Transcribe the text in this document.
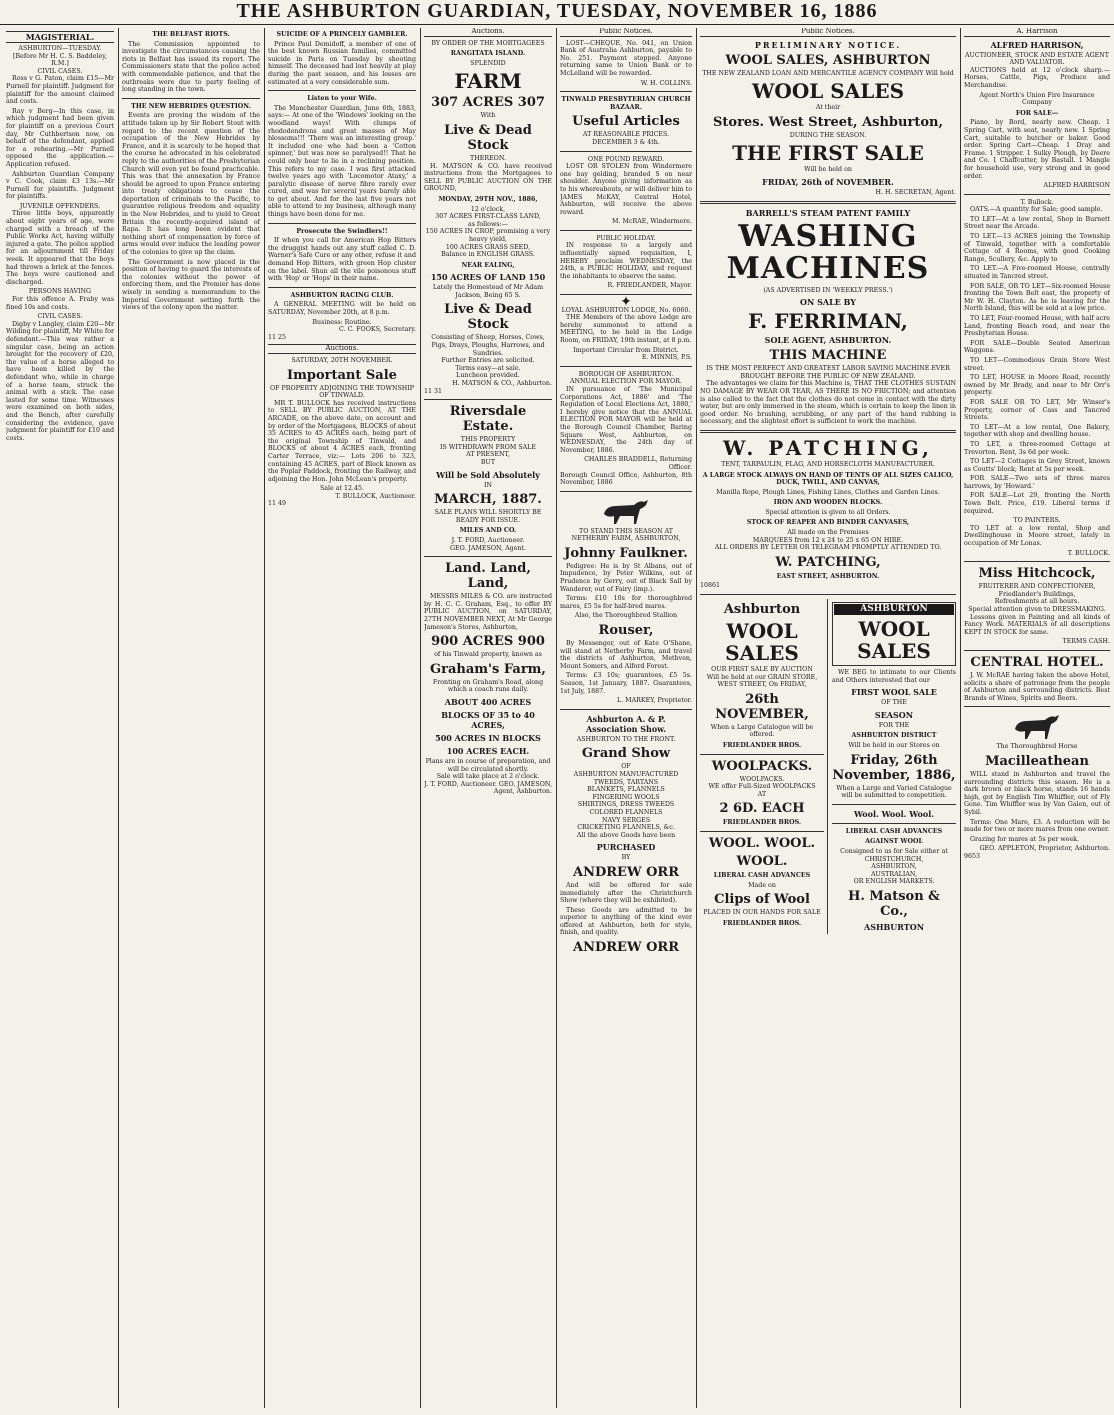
THE ASHBURTON GUARDIAN, TUESDAY, NOVEMBER 16, 1886
MAGISTERIAL.
ASHBURTON—TUESDAY.
[Before Mr H. C. S. Baddeley, R.M.]
CIVIL CASES.

Ross v G. Paton, claim £15—Mr Purnell for plaintiff. Judgment for plaintiff for the amount claimed and costs.

Ray v Berg—In this case, in which judgment had been given for plaintiff on a previous Court day, Mr Cuthbertson now, on behalf of the defendant, applied for a rehearing.—Mr Purnell opposed the application.—Application refused.

Ashburton Guardian Company v C. Cook, claim £3 13s.—Mr Purnell for plaintiffs. Judgment for plaintiffs.

JUVENILE OFFENDERS.

Three little boys, apparently about eight years of age, were charged with a breach of the Public Works Act, having wilfully injured a gate. The police applied for an adjournment till Friday week. It appeared that the boys had thrown a brick at the fences. The boys were cautioned and discharged.

PERSONS HAVING

For this offence A. Fraby was fined 10s and costs.

CIVIL CASES.

Digby v Langley, claim £20—Mr Wilding for plaintiff, Mr White for defendant.—This was rather a singular case, being an action brought for the recovery of £20, the value of a horse alleged to have been killed by the defendant who, while in charge of a horse team, struck the animal with a stick. The case lasted for some time. Witnesses were examined on both sides, and the Bench, after carefully considering the evidence, gave judgment for plaintiff for £10 and costs.

THE BELFAST RIOTS.

The Commission appointed to investigate the circumstances causing the riots in Belfast has issued its report. The Commissioners state that the police acted with commendable patience, and that the outbreaks were due to party feeling of long standing in the town.

THE NEW HEBRIDES QUESTION.

Events are proving the wisdom of the attitude taken up by Sir Robert Stout with regard to the recent question of the occupation of the New Hebrides by France, and it is scarcely to be hoped that the course he advocated in his celebrated reply to the authorities of the Presbyterian Church will even yet be found practicable. This was that the annexation by France should be agreed to upon France entering into treaty obligations to cease the deportation of criminals to the Pacific, to guarantee religious freedom and equality in the New Hebrides, and to yield to Great Britain the recently-acquired island of Rapa. It has long been evident that nothing short of compensation by force of arms would ever induce the leading power of the colonies to give up the claim.

The Government is now placed in the position of having to guard the interests of the colonies without the power of enforcing them, and the Premier has done wisely in sending a memorandum to the Imperial Government setting forth the views of the colony upon the matter.

SUICIDE OF A PRINCELY GAMBLER.

Prince Paul Demidoff, a member of one of the best known Russian families, committed suicide in Paris on Tuesday by shooting himself. The deceased had lost heavily at play during the past season, and his losses are estimated at a very considerable sum.

Listen to your Wife.

The Manchester Guardian, June 6th, 1883, says:— At one of the 'Windows' looking on the woodland ways! With clumps of rhododendrons and great masses of May blossoms!!! 'There was an interesting group.' It included one who had been a 'Cotton spinner,' but was now so paralysed!! That he could only bear to lie in a reclining position. This refers to my case. I was first attacked twelve years ago with 'Locomotor Ataxy,' a paralytic disease of nerve fibre rarely ever cured, and was for several years barely able to get about. And for the last five years not able to attend to my business, although many things have been done for me.

Prosecute the Swindlers!!

If when you call for American Hop Bitters the druggist hands out any stuff called C. D. Warner's Safe Cure or any other, refuse it and demand Hop Bitters, with green Hop cluster on the label. Shun all the vile poisonous stuff with 'Hop' or 'Hops' in their name.

ASHBURTON RACING CLUB.

A GENERAL MEETING will be held on SATURDAY, November 20th, at 8 p.m.

Business: Routine.
C. C. FOOKS, Secretary.
11 25
Auctions.
SATURDAY, 20TH NOVEMBER.
Important Sale
OF PROPERTY ADJOINING THE TOWNSHIP OF TINWALD.

MR T. BULLOCK has received instructions to SELL BY PUBLIC AUCTION, AT THE ARCADE, on the above date, on account and by order of the Mortgagees, BLOCKS of about 35 ACRES to 45 ACRES each, being part of the original Township of Tinwald, and BLOCKS of about 4 ACRES each, fronting Carter Terrace, viz:— Lots 206 to 323, containing 45 ACRES, part of Block known as the Poplar Paddock, fronting the Railway, and adjoining the Hon. John McLean's property.

Sale at 12.45.
T. BULLOCK, Auctioneer.
11 49
Auctions.
BY ORDER OF THE MORTGAGEES
RANGITATA ISLAND.
SPLENDID
FARM
307 ACRES 307
With
Live & Dead Stock
THEREON.

H. MATSON & CO. have received instructions from the Mortgagees to SELL BY PUBLIC AUCTION ON THE GROUND,

MONDAY, 29TH NOV., 1886,
12 o'clock,
307 ACRES FIRST-CLASS LAND,
as follows:—
150 ACRES IN CROP, promising a very heavy yield,
100 ACRES GRASS SEED,
Balance in ENGLISH GRASS.
NEAR EALING,
150 ACRES OF LAND 150
Lately the Homestead of Mr Adam Jackson, Being 65 S.
Live & Dead Stock
Consisting of Sheep, Horses, Cows, Pigs, Drays, Ploughs, Harrows, and Sundries.
Further Entries are solicited.
Terms easy—at sale.
Luncheon provided.
H. MATSON & CO., Ashburton.
11 31
Riversdale Estate.
THIS PROPERTY
IS WITHDRAWN FROM SALE
AT PRESENT,
BUT
Will be Sold Absolutely
IN
MARCH, 1887.
SALE PLANS WILL SHORTLY BE READY FOR ISSUE.
MILES AND CO.
J. T. FORD, Auctioneer.
GEO. JAMESON, Agent.
Land. Land, Land,

MESSRS MILES & CO. are instructed by H. C. C. Graham, Esq., to offer BY PUBLIC AUCTION, on SATURDAY, 27TH NOVEMBER NEXT, At Mr George Jameson's Stores, Ashburton,

900 ACRES 900
of his Tinwald property, known as
Graham's Farm,
Fronting on Graham's Road, along which a coach runs daily.
ABOUT 400 ACRES
BLOCKS OF 35 to 40 ACRES,
500 ACRES IN BLOCKS
100 ACRES EACH.
Plans are in course of preparation, and will be circulated shortly.
Sale will take place at 2 o'clock.
J. T. FORD, Auctioneer. GEO. JAMESON, Agent, Ashburton.
Public Notices.

LOST—CHEQUE, No. 041, on Union Bank of Australia Ashburton, payable to No. 251. Payment stopped. Anyone returning same to Union Bank or to McLelland will be rewarded.

W. H. COLLINS.
TINWALD PRESBYTERIAN CHURCH BAZAAR.
Useful Articles
AT REASONABLE PRICES.
DECEMBER 3 & 4th.
ONE POUND REWARD.

LOST OR STOLEN from Windermere one bay gelding, branded S on near shoulder. Anyone giving information as to his whereabouts, or will deliver him to JAMES McKAY, Central Hotel, Ashburton, will receive the above reward.

M. McRAE, Windermere.
PUBLIC HOLIDAY.

IN response to a largely and influentially signed requisition, I, HEREBY proclaim WEDNESDAY, the 24th, a PUBLIC HOLIDAY, and request the inhabitants to observe the same.

R. FRIEDLANDER, Mayor.
✦
LOYAL ASHBURTON LODGE, No. 6060.

THE Members of the above Lodge are hereby summoned to attend a MEETING, to be held in the Lodge Room, on FRIDAY, 19th instant, at 8 p.m.

Important Circular from District.
E. MINNIS, P.S.
BOROUGH OF ASHBURTON.
ANNUAL ELECTION FOR MAYOR.

IN pursuance of 'The Municipal Corporations Act, 1886' and 'The Regulation of Local Elections Act, 1880,' I hereby give notice that the ANNUAL ELECTION FOR MAYOR will be held at the Borough Council Chamber, Baring Square West, Ashburton, on WEDNESDAY, the 24th day of November, 1886.

CHARLES BRADDELL, Returning Officer.
Borough Council Office, Ashburton, 8th November, 1886
TO STAND THIS SEASON AT NETHERBY FARM, ASHBURTON,
Johnny Faulkner.

Pedigree: He is by St Albans, out of Impudence, by Peter Wilkins, out of Prudence by Gerry, out of Black Sall by Wanderer, out of Fairy (imp.).

Terms: £10 10s for thoroughbred mares, £5 5s for half-bred mares.

Also, the Thoroughbred Stallion
Rouser,

By Messenger, out of Kate O'Shane, will stand at Netherby Farm, and travel the districts of Ashburton, Methven, Mount Somers, and Alford Forest.

Terms: £3 10s; guarantees, £5 5s. Season, 1st January, 1887. Guarantees, 1st July, 1887.

L. MARKEY, Proprietor.
Ashburton A. & P. Association Show.
ASHBURTON TO THE FRONT.
Grand Show
OF
ASHBURTON MANUFACTURED
TWEEDS, TARTANS
BLANKETS, FLANNELS
FINGERING WOOLS
SHIRTINGS, DRESS TWEEDS
COLORED FLANNELS
NAVY SERGES
CRICKETING FLANNELS, &c.
All the above Goods have been
PURCHASED
BY
ANDREW ORR

And will be offered for sale immediately after the Christchurch Show (where they will be exhibited).

These Goods are admitted to be superior to anything of the kind ever offered at Ashburton, both for style, finish, and quality.

ANDREW ORR
Public Notices.
PRELIMINARY NOTICE.
WOOL SALES, ASHBURTON
THE NEW ZEALAND LOAN AND MERCANTILE AGENCY COMPANY Will hold
WOOL SALES
At their
Stores. West Street, Ashburton,
DURING THE SEASON.
THE FIRST SALE
Will be held on
FRIDAY, 26th of NOVEMBER.
H. H. SECRETAN, Agent.
BARRELL'S STEAM PATENT FAMILY
WASHING MACHINES
(AS ADVERTISED IN 'WEEKLY PRESS.')
ON SALE BY
F. FERRIMAN,
SOLE AGENT, ASHBURTON.
THIS MACHINE
IS THE MOST PERFECT AND GREATEST LABOR SAVING MACHINE EVER BROUGHT BEFORE THE PUBLIC OF NEW ZEALAND.

The advantages we claim for this Machine is, THAT THE CLOTHES SUSTAIN NO DAMAGE BY WEAR OR TEAR, AS THERE IS NO FRICTION; and attention is also called to the fact that the clothes do not come in contact with the dirty water, but are only immersed in the steam, which is certain to keep the linen in good order. No brushing, scrubbing, or any part of the hand rubbing is necessary, and the slightest effort is sufficient to work the machine.

W. PATCHING,
TENT, TARPAULIN, FLAG, AND HORSECLOTH MANUFACTURER.
A LARGE STOCK ALWAYS ON HAND OF TENTS OF ALL SIZES CALICO, DUCK, TWILL, AND CANVAS,
Manilla Rope, Plough Lines, Fishing Lines, Clothes and Garden Lines.
IRON AND WOODEN BLOCKS.
Special attention is given to all Orders.
STOCK OF REAPER AND BINDER CANVASES,
All made on the Premises
MARQUEES from 12 x 24 to 25 x 65 ON HIRE.
ALL ORDERS BY LETTER OR TELEGRAM PROMPTLY ATTENDED TO.
W. PATCHING,
EAST STREET, ASHBURTON.
10861
Ashburton
WOOL SALES
OUR FIRST SALE BY AUCTION
Will be held at our GRAIN STORE, WEST STREET, On FRIDAY,
26th NOVEMBER,
When a Large Catalogue will be offered.
FRIEDLANDER BROS.
WOOLPACKS.
WOOLPACKS.
WE offer Full-Sized WOOLPACKS
AT
2 6D. EACH
FRIEDLANDER BROS.
WOOL. WOOL.
WOOL.
LIBERAL CASH ADVANCES
Made on
Clips of Wool
PLACED IN OUR HANDS FOR SALE
FRIEDLANDER BROS.
ASHBURTON
WOOL SALES

WE BEG to intimate to our Clients and Others interested that our

FIRST WOOL SALE
OF THE
SEASON
FOR THE
ASHBURTON DISTRICT
Will be held in our Stores on
Friday, 26th November, 1886,
When a Large and Varied Catalogue will be submitted to competition.
Wool. Wool. Wool.
LIBERAL CASH ADVANCES
AGAINST WOOL
Consigned to us for Sale either at
CHRISTCHURCH,
ASHBURTON,
AUSTRALIAN,
OR ENGLISH MARKETS.
H. Matson & Co.,
ASHBURTON
A. Harrison
ALFRED HARRISON,
AUCTIONEER, STOCK AND ESTATE AGENT AND VALUATOR.

AUCTIONS held at 12 o'clock sharp.—Horses, Cattle, Pigs, Produce and Merchandise.

Agent North's Union Fire Insurance Company
FOR SALE—

Piano, by Bord, nearly new. Cheap. 1 Spring Cart, with seat, nearly new. 1 Spring Cart, suitable to butcher or baker. Good order. Spring Cart—Cheap. 1 Dray and Frame. 1 Stripper. 1 Sulky Plough, by Deere and Co. 1 Chaffcutter, by Bastall. 1 Mangle for household use, very strong and in good order.

ALFRED HARRISON
T. Bullock.

OATS.—A quantity for Sale; good sample.

TO LET—At a low rental, Shop in Burnett Street near the Arcade.

TO LET.—13 ACRES joining the Township of Tinwald, together with a comfortable Cottage of 4 Rooms, with good Cooking Range, Scullery, &c. Apply to

TO LET.—A Five-roomed House, centrally situated in Tancred street.

FOR SALE, OR TO LET—Six-roomed House fronting the Town Belt east, the property of Mr W. H. Clayton. As he is leaving for the North Island, this will be sold at a low price.

TO LET, Four-roomed House, with half acre Land, fronting Beach road, and near the Presbyterian House.

FOR SALE—Double Seated American Waggons.

TO LET—Commodious Grain Store West street.

TO LET, HOUSE in Moore Road, recently owned by Mr Brady, and near to Mr Orr's property.

FOR SALE OR TO LET, Mr Winser's Property, corner of Cass and Tancred Streets.

TO LET—At a low rental, One Bakery, together with shop and dwelling house.

TO LET, a three-roomed Cottage at Trevorton. Rent, 3s 6d per week.

TO LET—2 Cottages in Grey Street, known as Coutts' block; Rent at 5s per week.

FOR SALE—Two sets of three mares harrows, by 'Howard.'

FOR SALE—Lot 29, fronting the North Town Belt. Price, £19. Liberal terms if required.

TO PAINTERS.

TO LET at a low rental, Shop and Dwellinghouse in Moore street, lately in occupation of Mr Lonas.

T. BULLOCK.
Miss Hitchcock,
FRUITERER AND CONFECTIONER, Friedlander's Buildings,
Refreshments at all hours.
Special attention given to DRESSMAKING.

Lessons given in Painting and all kinds of Fancy Work. MATERIALS of all descriptions KEPT IN STOCK for same.

TERMS CASH.
CENTRAL HOTEL.

J. W. McRAE having taken the above Hotel, solicits a share of patronage from the people of Ashburton and surrounding districts. Best Brands of Wines, Spirits and Beers.

The Thoroughbred Horse
Macilleathean

WILL stand in Ashburton and travel the surrounding districts this season. He is a dark brown or black horse, stands 16 hands high, got by English Tim Whiffler, out of Fly Gone. Tim Whiffler was by Van Galen, out of Sybil.

Terms: One Mare, £3. A reduction will be made for two or more mares from one owner.

Grazing for mares at 5s per week.

GEO. APPLETON, Proprietor, Ashburton.
9653
